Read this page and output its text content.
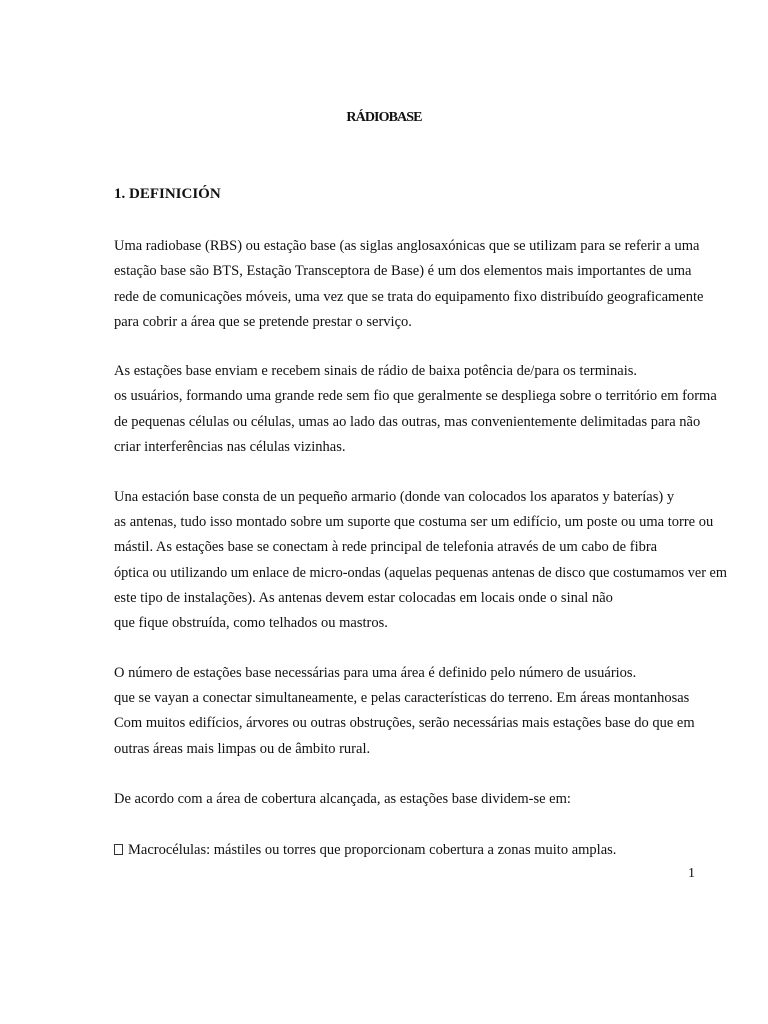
RÁDIOBASE
1. DEFINICIÓN
Uma radiobase (RBS) ou estação base (as siglas anglosaxónicas que se utilizam para se referir a uma
estação base são BTS, Estação Transceptora de Base) é um dos elementos mais importantes de uma
rede de comunicações móveis, uma vez que se trata do equipamento fixo distribuído geograficamente
para cobrir a área que se pretende prestar o serviço.
As estações base enviam e recebem sinais de rádio de baixa potência de/para os terminais.
os usuários, formando uma grande rede sem fio que geralmente se despliega sobre o território em forma
de pequenas células ou células, umas ao lado das outras, mas convenientemente delimitadas para não
criar interferências nas células vizinhas.
Una estación base consta de un pequeño armario (donde van colocados los aparatos y baterías) y
as antenas, tudo isso montado sobre um suporte que costuma ser um edifício, um poste ou uma torre ou
mástil. As estações base se conectam à rede principal de telefonia através de um cabo de fibra
óptica ou utilizando um enlace de micro-ondas (aquelas pequenas antenas de disco que costumamos ver em
este tipo de instalações). As antenas devem estar colocadas em locais onde o sinal não
que fique obstruída, como telhados ou mastros.
O número de estações base necessárias para uma área é definido pelo número de usuários.
que se vayan a conectar simultaneamente, e pelas características do terreno. Em áreas montanhosas
Com muitos edifícios, árvores ou outras obstruções, serão necessárias mais estações base do que em
outras áreas mais limpas ou de âmbito rural.
De acordo com a área de cobertura alcançada, as estações base dividem-se em:
Macrocélulas: mástiles ou torres que proporcionam cobertura a zonas muito amplas.
1
